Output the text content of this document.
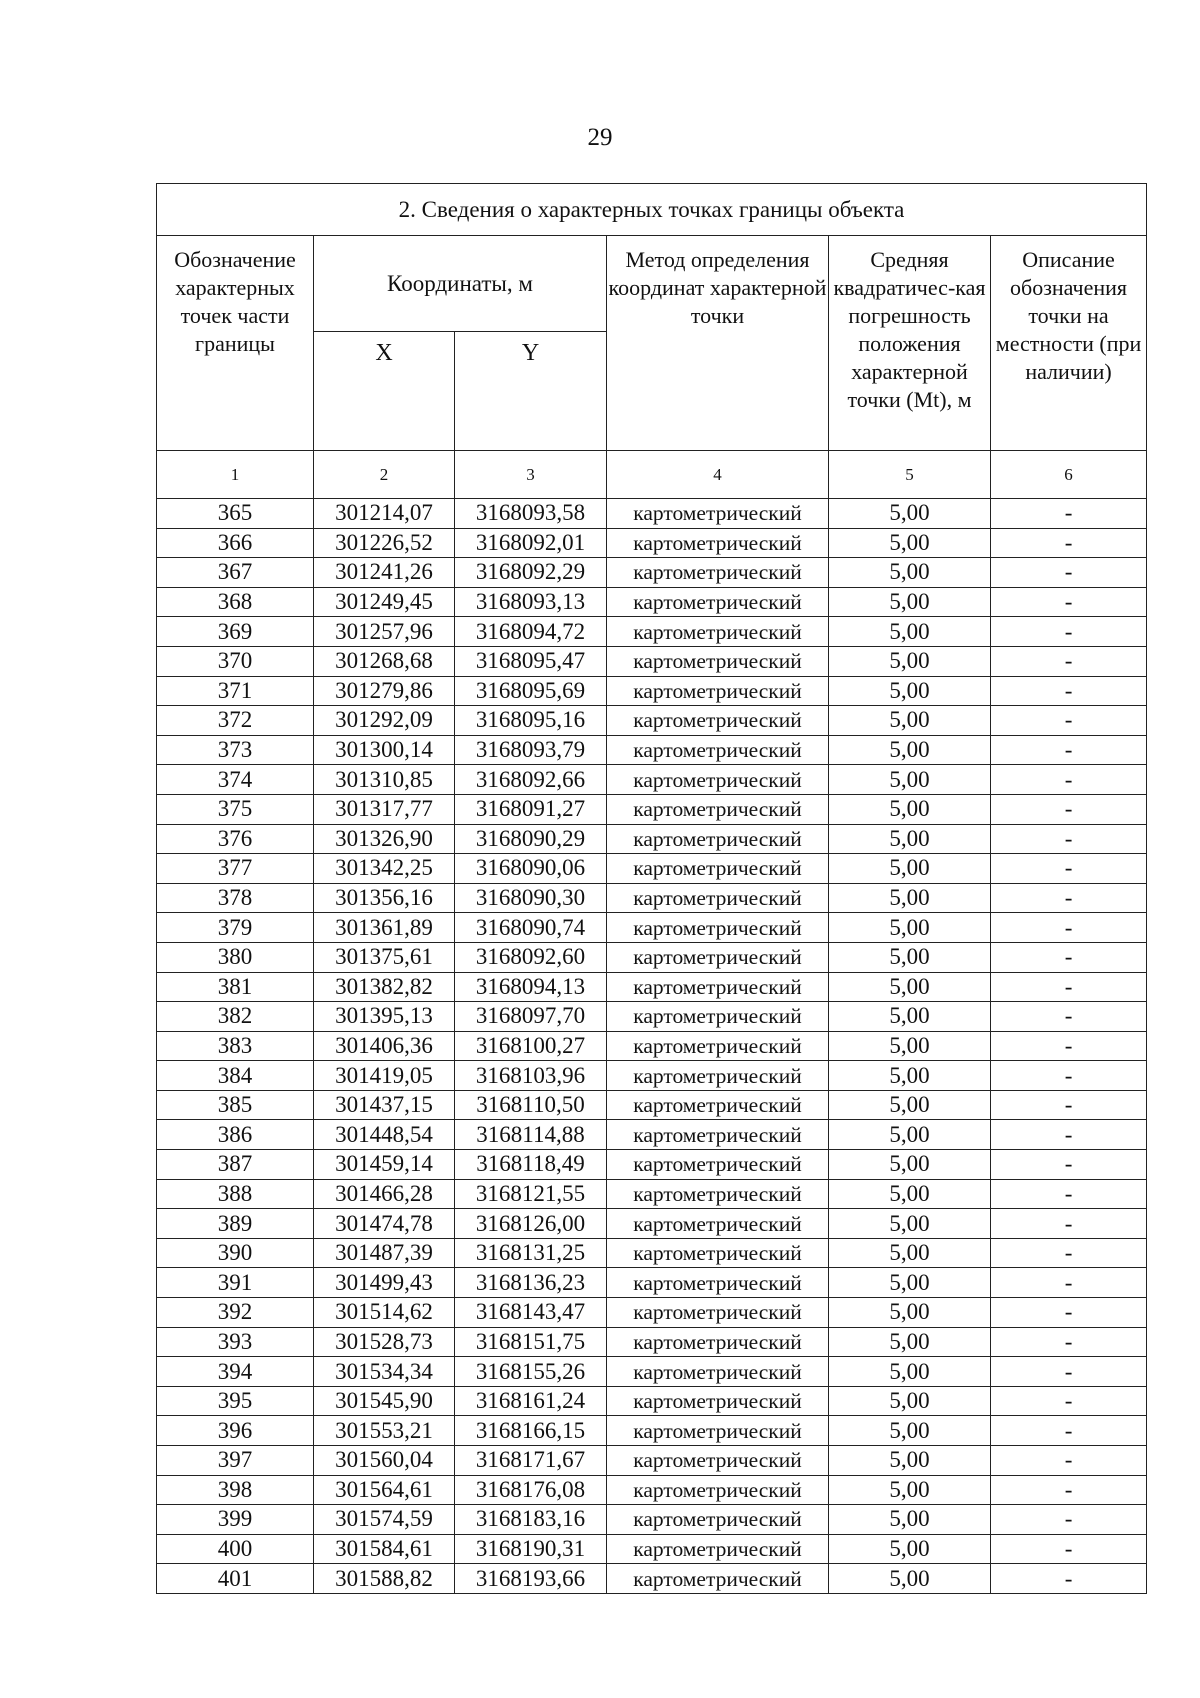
29
2. Сведения о характерных точках границы объекта					
Обозначение характерных точек части границы	Координаты, м		Метод определения координат характерной точки	Средняя квадратичес-кая погрешность положения характерной точки (Mt), м	Описание обозначения точки на местности (при наличии)
	X	Y			
1	2	3	4	5	6
365	301214,07	3168093,58	картометрический	5,00	-
366	301226,52	3168092,01	картометрический	5,00	-
367	301241,26	3168092,29	картометрический	5,00	-
368	301249,45	3168093,13	картометрический	5,00	-
369	301257,96	3168094,72	картометрический	5,00	-
370	301268,68	3168095,47	картометрический	5,00	-
371	301279,86	3168095,69	картометрический	5,00	-
372	301292,09	3168095,16	картометрический	5,00	-
373	301300,14	3168093,79	картометрический	5,00	-
374	301310,85	3168092,66	картометрический	5,00	-
375	301317,77	3168091,27	картометрический	5,00	-
376	301326,90	3168090,29	картометрический	5,00	-
377	301342,25	3168090,06	картометрический	5,00	-
378	301356,16	3168090,30	картометрический	5,00	-
379	301361,89	3168090,74	картометрический	5,00	-
380	301375,61	3168092,60	картометрический	5,00	-
381	301382,82	3168094,13	картометрический	5,00	-
382	301395,13	3168097,70	картометрический	5,00	-
383	301406,36	3168100,27	картометрический	5,00	-
384	301419,05	3168103,96	картометрический	5,00	-
385	301437,15	3168110,50	картометрический	5,00	-
386	301448,54	3168114,88	картометрический	5,00	-
387	301459,14	3168118,49	картометрический	5,00	-
388	301466,28	3168121,55	картометрический	5,00	-
389	301474,78	3168126,00	картометрический	5,00	-
390	301487,39	3168131,25	картометрический	5,00	-
391	301499,43	3168136,23	картометрический	5,00	-
392	301514,62	3168143,47	картометрический	5,00	-
393	301528,73	3168151,75	картометрический	5,00	-
394	301534,34	3168155,26	картометрический	5,00	-
395	301545,90	3168161,24	картометрический	5,00	-
396	301553,21	3168166,15	картометрический	5,00	-
397	301560,04	3168171,67	картометрический	5,00	-
398	301564,61	3168176,08	картометрический	5,00	-
399	301574,59	3168183,16	картометрический	5,00	-
400	301584,61	3168190,31	картометрический	5,00	-
401	301588,82	3168193,66	картометрический	5,00	-
